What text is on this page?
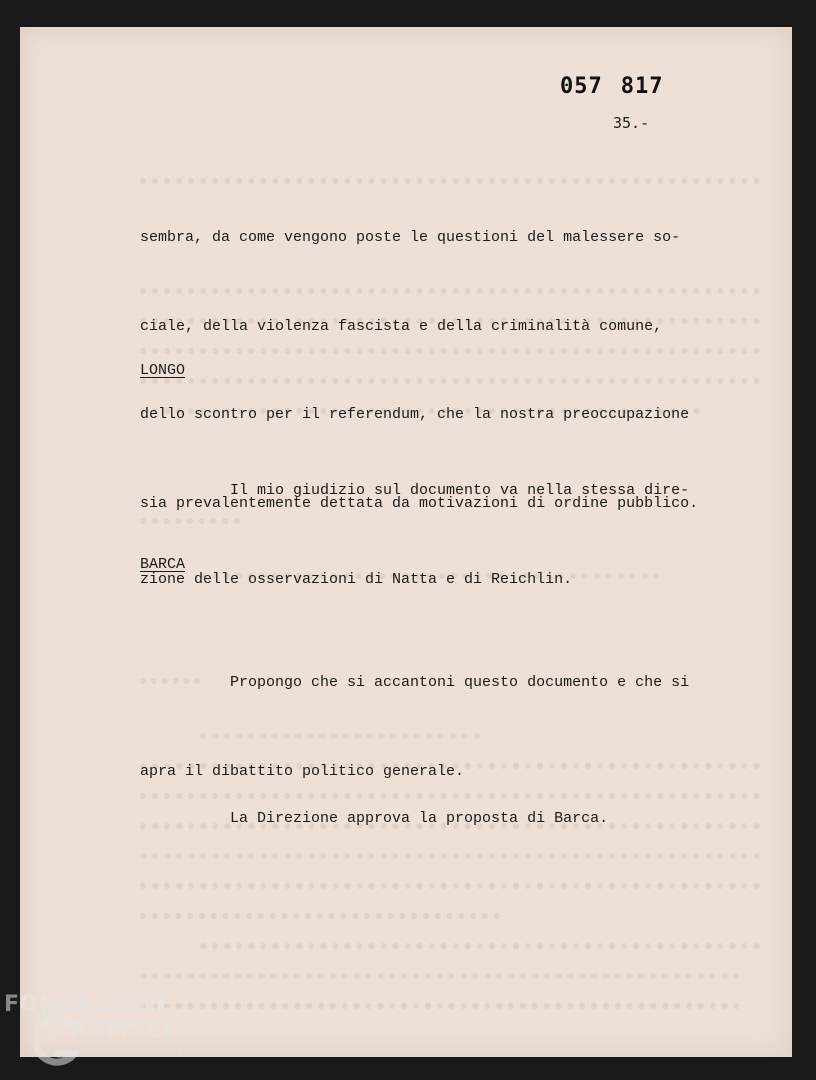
057 817
35.-

sembra, da come vengono poste le questioni del malessere so-

ciale, della violenza fascista e della criminalità comune,

dello scontro per il referendum, che la nostra preoccupazione

sia prevalentemente dettata da motivazioni di ordine pubblico.

LONGO

Il mio giudizio sul documento va nella stessa dire-

zione delle osservazioni di Natta e di Reichlin.

BARCA

Propongo che si accantoni questo documento e che si

apra il dibattito politico generale.

La Direzione approva la proposta di Barca.

FONDAZIONE
RAMSCI
onlus
